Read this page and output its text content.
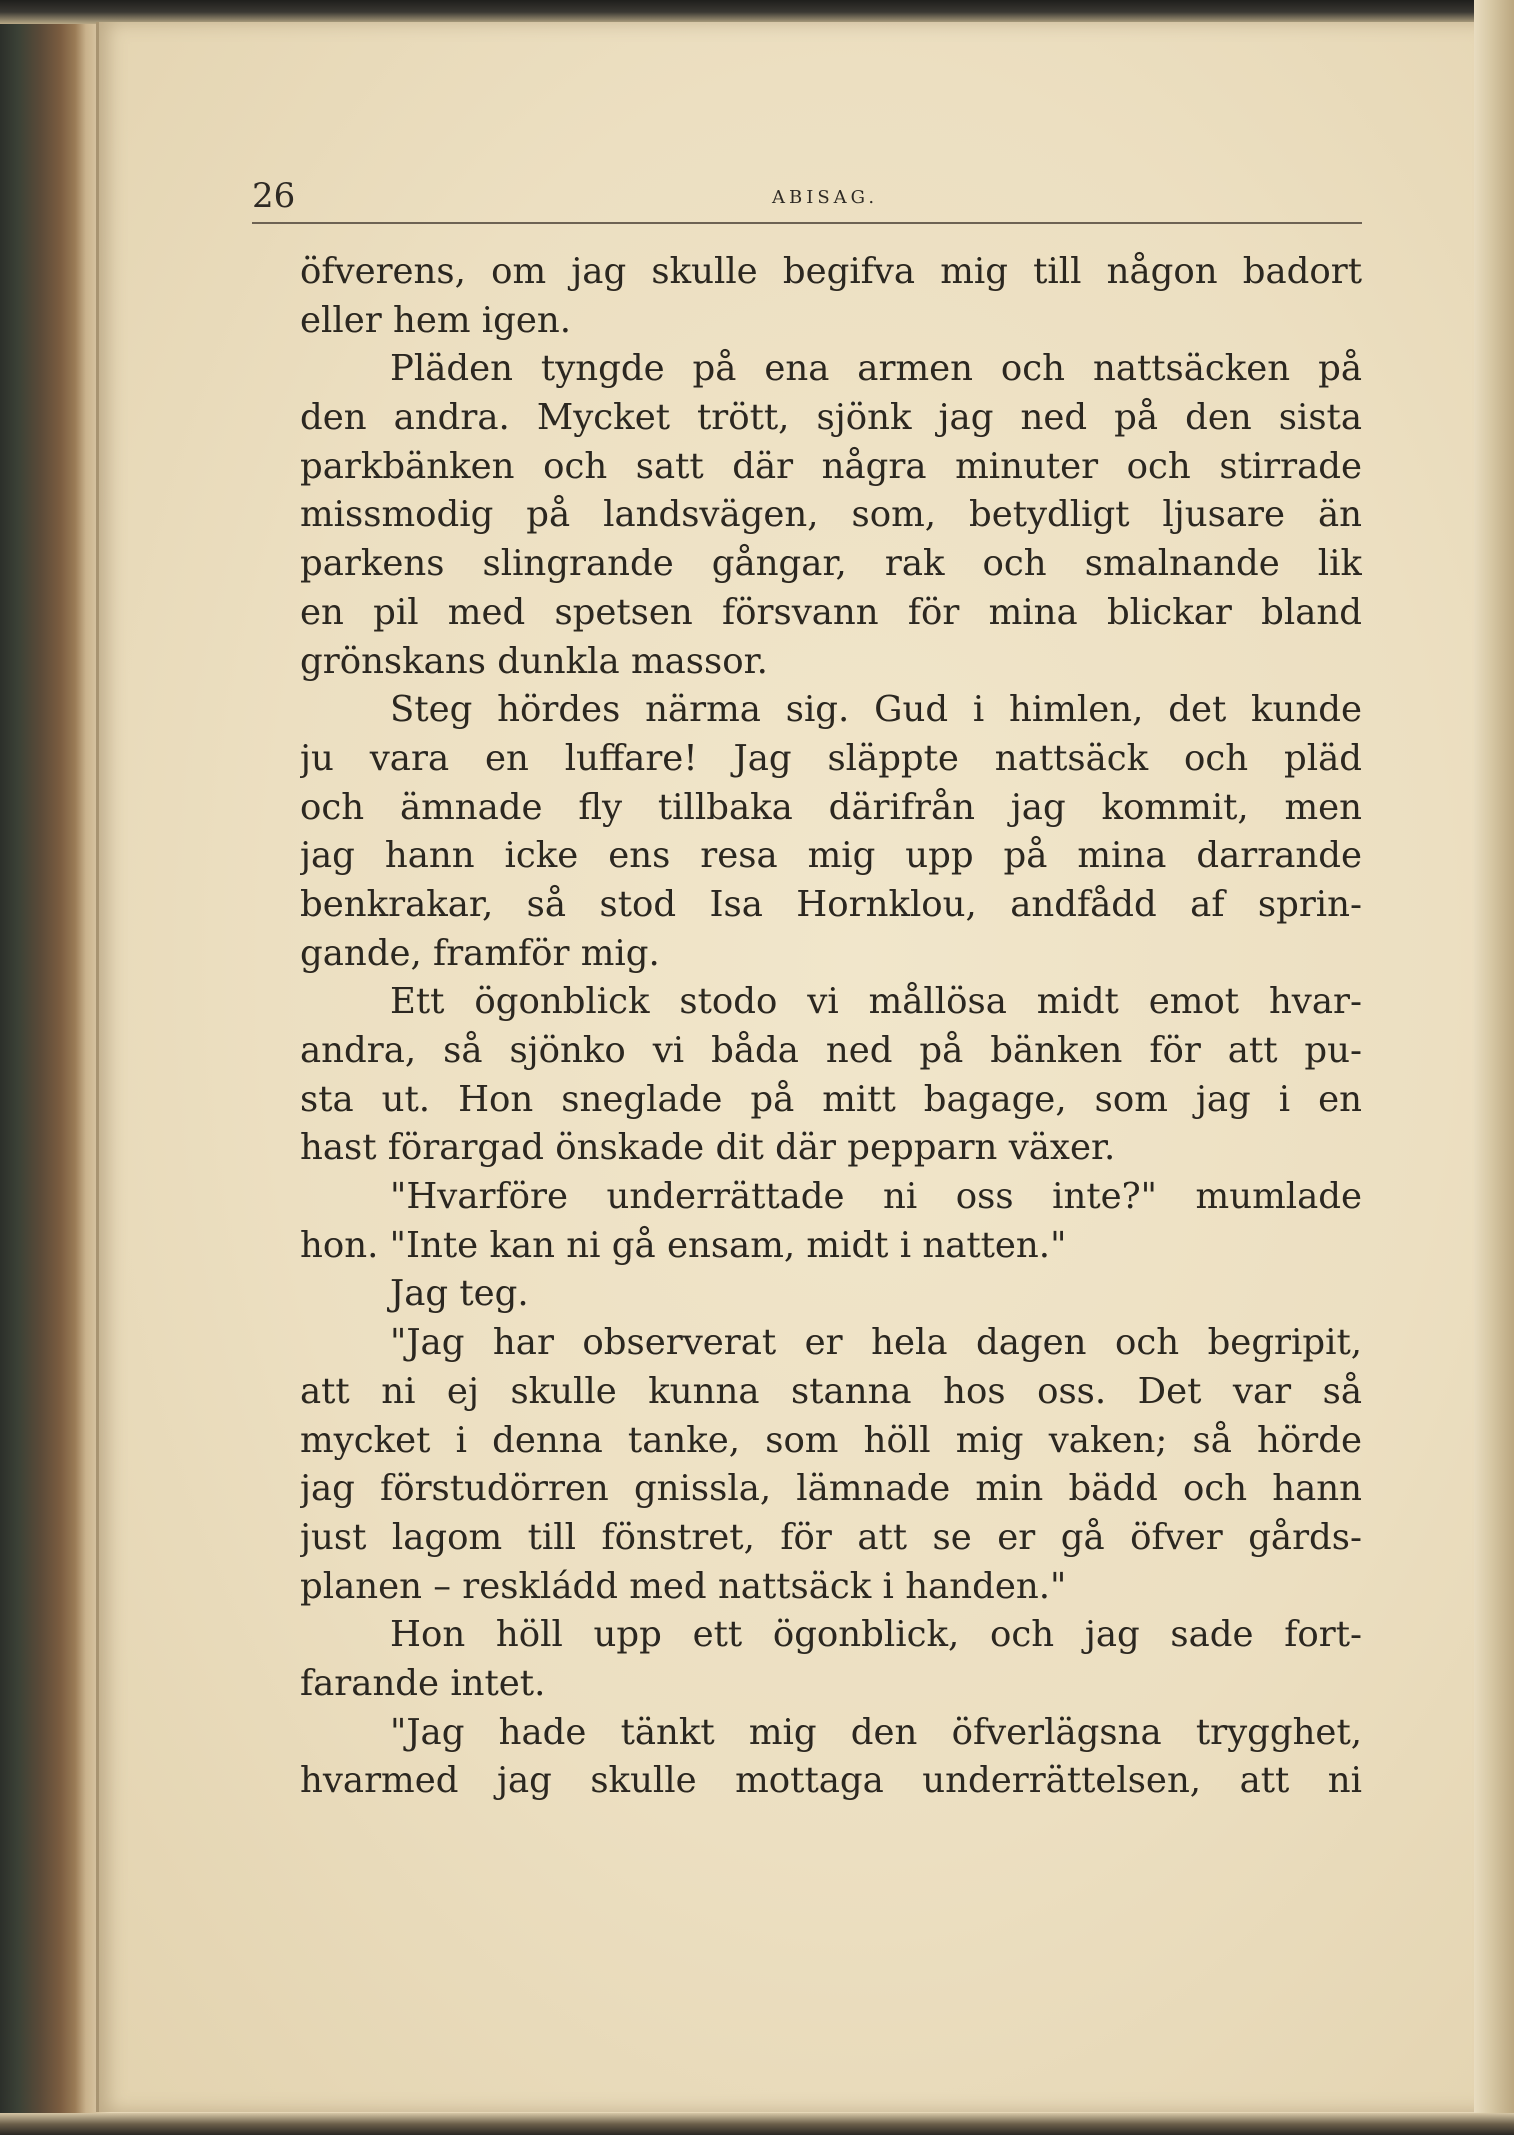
26	ABISAG.
öfverens, om jag skulle begifva mig till någon badort
eller hem igen.
Pläden tyngde på ena armen och nattsäcken på
den andra. Mycket trött, sjönk jag ned på den sista
parkbänken och satt där några minuter och stirrade
missmodig på landsvägen, som, betydligt ljusare än
parkens slingrande gångar, rak och smalnande lik
en pil med spetsen försvann för mina blickar bland
grönskans dunkla massor.
Steg hördes närma sig. Gud i himlen, det kunde
ju vara en luffare! Jag släppte nattsäck och pläd
och ämnade fly tillbaka därifrån jag kommit, men
jag hann icke ens resa mig upp på mina darrande
benkrakar, så stod Isa Hornklou, andfådd af sprin-
gande, framför mig.
Ett ögonblick stodo vi mållösa midt emot hvar-
andra, så sjönko vi båda ned på bänken för att pu-
sta ut. Hon sneglade på mitt bagage, som jag i en
hast förargad önskade dit där pepparn växer.
"Hvarföre underrättade ni oss inte?" mumlade
hon. "Inte kan ni gå ensam, midt i natten."
Jag teg.
"Jag har observerat er hela dagen och begripit,
att ni ej skulle kunna stanna hos oss. Det var så
mycket i denna tanke, som höll mig vaken; så hörde
jag förstudörren gnissla, lämnade min bädd och hann
just lagom till fönstret, för att se er gå öfver gårds-
planen – reskládd med nattsäck i handen."
Hon höll upp ett ögonblick, och jag sade fort-
farande intet.
"Jag hade tänkt mig den öfverlägsna trygghet,
hvarmed jag skulle mottaga underrättelsen, att ni
